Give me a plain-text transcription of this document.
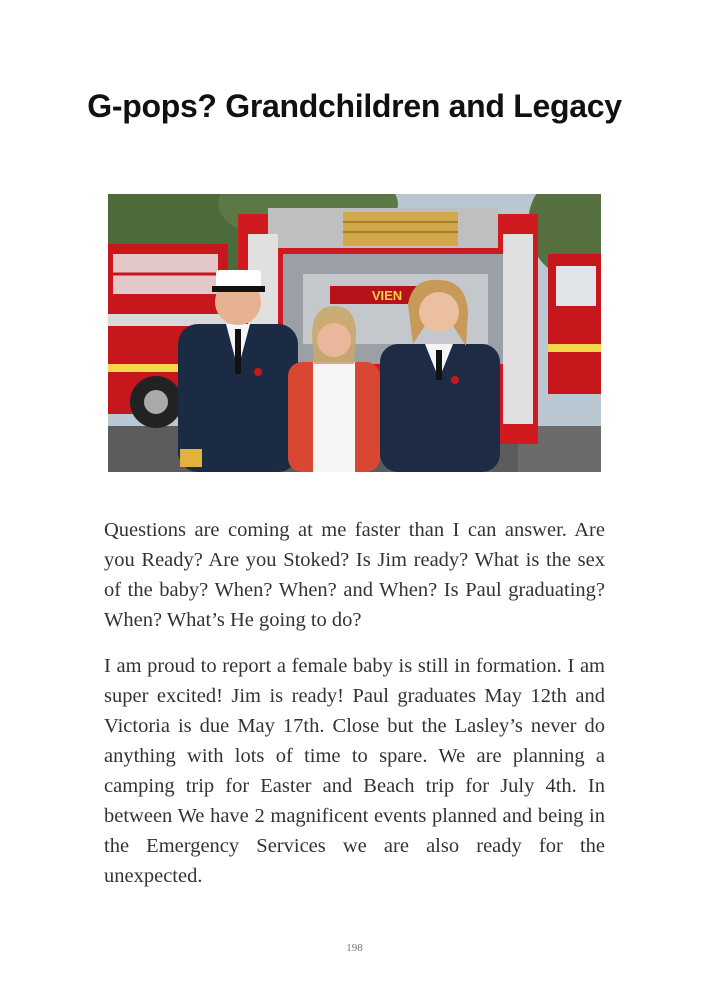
G-pops? Grandchildren and Legacy
VIEN

Questions are coming at me faster than I can answer. Are you Ready? Are you Stoked? Is Jim ready? What is the sex of the baby? When? When? and When? Is Paul graduating? When? What’s He going to do?

I am proud to report a female baby is still in formation. I am super excited! Jim is ready! Paul graduates May 12th and Victoria is due May 17th. Close but the Lasley’s never do anything with lots of time to spare. We are planning a camping trip for Easter and Beach trip for July 4th. In between We have 2 magnificent events planned and being in the Emergency Services we are also ready for the unexpected.

198
